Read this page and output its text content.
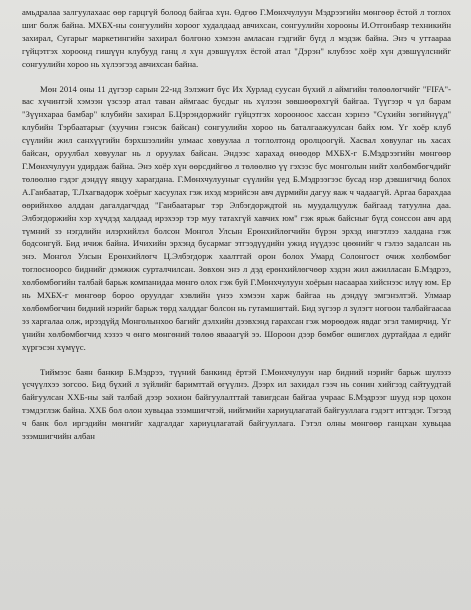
амьдралаа залгуулахаас өөр гарцгүй болоод байгаа хүн. Өдгөө Г.Мөнхчулуун Мэдрээгийн мөнгөөр ёстой л тоглох шиг болж байна. МХБХ-ны сонгуулийн хороог худалдаад авчихсан, сонгуулийн хорооны И.Отгонбаяр техникийн захирал, Сугарыг маркетингийн захирал болгоно хэмээн амласан гэдгийг бүгд л мэдэж байна. Энэ ч уттаараа гүйцэтгэх хороонд гишүүн клубууд ганц л хүн дэвшүүлэх ёстой атал "Дэрэн" клубээс хоёр хүн дэвшүүлснийг сонгуулийн хороо нь хүлээгээд авчихсан байна.

Мөн 2014 оны 11 дүгээр сарын 22-нд Зэлэжит бүс Их Хурлад суусан бүхий л аймгийн төлөөлөгчийг "FIFA"-вас хүчинтэй хэмээн үзсээр атал таван аймгаас бусдыг нь хүлээн зөвшөөрөхгүй байгаа. Түүгээр ч үл барам "Зүүнхараа бамбар" клубийн захирал Б.Цэрэндоржийг гүйцэтгэх хорооноос хассан хэрнээ "Сүхийн зөгийнүүд" клубийн Тэрбаатарыг (хуучин гэнсэк байсан) сонгуулийн хороо нь баталгаажуулсан байх юм. Үг хоёр клуб сүүлийн жил санхүүгийн бэрхшээлийн улмаас хөвуулаа л тоглолтонд оролцоогүй. Хасвал хөвуулаг нь хасах байсан, оруулбал хөвуулаг нь л оруулах байсан. Эндээс харахад өнөөдөр МХБХ-г Б.Мэдрээгийн мөнгөөр Г.Мөнхчулуун удирдаж байна. Энэ хоёр хүн өөрсдийгөө л төлөөлнө үү гэхээс бус монголын нийт хөлбөмбөгчдийг төлөөлнө гэдэг дэндүү явцуу харагдана. Г.Мөнхчулууныг сүүлийн үед Б.Мэдрээгээс бусад нэр дэвшигчид болох А.Ганбаатар, Т.Лхагвадорж хоёрыг хасуулах гэж ихэд мэрийсэн авч дүрмийн дагуу яаж ч чадаагүй. Аргаа барахдаа өөрийнхөө алддан дагалдагчдад "Ганбаатарыг тэр Элбэгдорждтой нь муудалцуулж байгаад татуулна даа. Элбэгдоржийн хэр хүчдэд халдаад ирэхээр тэр муу татахгүй хавчих юм" гэж ярьж байсныг бүгд сонссон авч ард түмний зэ нэгдлийн илэрхийлэл болсон Монгол Улсын Ерөнхийлөгчийн бүрэн эрхэд ингэтлээ халдана гэж бодсонгүй. Бид ичиж байна. Ичихийн эрхэнд бусармаг этгээдүүдийн ужид нүүдээс цөөнийг ч гэлээ задалсан нь энэ. Монгол Улсын Ерөнхийлөгч Ц.Элбэгдорж хаалттай орон болох Умард Солонгост очиж хөлбөмбөг тоглосноорсо биднийг дэмжиж сурталчилсан. Зөвхөн энэ л дэд ерөнхийлөгчөөр хэдэн жил ажиллаcан Б.Мэдрээ, хөлбөмбөгийн талбай барьж компанидаа мөнгө олох гэж буй Г.Мөнхчулуун хоёрын насаараа хийснээс илүү юм. Ер нь МХБХ-г мөнгөөр бороо оруулдаг хэвлийн үнээ хэмээн харж байгаа нь дэндүү эмгэнэлтэй. Улмаар хөлбөмбөгчин бидний нэрийг барьж төрд халддаг болсон нь гутамшигтай. Бид зүгээр л зүлэгт ногоон талбайгаасаа эз харгалаа олж, ирээдүйд Монголынхоо багийг дэлхийн дээвхэнд гарахсан гэж мөрөөдөж явдаг эгэл тамирчид. Үг үнийн хөлбөмбөгчид хэзээ ч өнгө мөнгөний төлөө явааагүй ээ. Шороон дээр бөмбөг өшиглөх дуртайдаа л едийг хүргэсэн хүмүүс.

Тиймээс баян банкир Б.Мэдрээ, түүний банкинд ёртэй Г.Мөнхчулуун нар бидний нэрийг барьж шулэзэ үсчүүлхээ зогсоо. Бид бүхий л зүйлийг баримттай өгүүлнэ. Дээрх ил захидал гэзч нь сонин хийгээд сайтуудтай байгуулсан ХХБ-ны зай талбай дээр эохион байгуулалттай тавигдсан байгаа учраас Б.Мэдрээг шууд нэр цохон тэмдэглэж байна. ХХБ бол олон хувьцаа эзэмшигчтэй, нийгмийн хариуцлагатай байгууллага гэдэгт итгэдэг. Тэгээд ч банк бол иргэдийн мөнгийг хадгалдаг хариуцлагатай байгууллага. Гэтэл олны мөнгөөр ганцхан хувьцаа эзэмшигчийн албан
